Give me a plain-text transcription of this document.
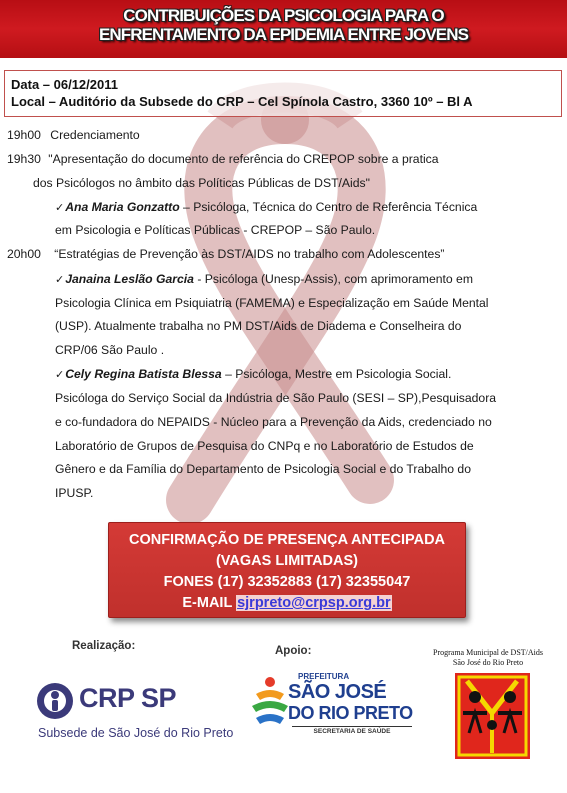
CONTRIBUIÇÕES DA PSICOLOGIA PARA O
ENFRENTAMENTO DA EPIDEMIA ENTRE JOVENS
Data – 06/12/2011
Local – Auditório da Subsede do CRP – Cel Spínola Castro, 3360 10º – Bl A
19h00 Credenciamento
19h30 "Apresentação do documento de referência do CREPOP sobre a pratica
dos Psicólogos no âmbito das Políticas Públicas de DST/Aids"
✓Ana Maria Gonzatto – Psicóloga, Técnica do Centro de Referência Técnica
em Psicologia e Políticas Públicas - CREPOP – São Paulo.
20h00 “Estratégias de Prevenção às DST/AIDS no trabalho com Adolescentes”
✓Janaina Leslão Garcia - Psicóloga (Unesp-Assis), com aprimoramento em
Psicologia Clínica em Psiquiatria (FAMEMA) e Especialização em Saúde Mental
(USP). Atualmente trabalha no PM DST/Aids de Diadema e Conselheira do
CRP/06 São Paulo .
✓Cely Regina Batista Blessa – Psicóloga, Mestre em Psicologia Social.
Psicóloga do Serviço Social da Indústria de São Paulo (SESI – SP),Pesquisadora
e co-fundadora do NEPAIDS - Núcleo para a Prevenção da Aids, credenciado no
Laboratório de Grupos de Pesquisa do CNPq e no Laboratório de Estudos de
Gênero e da Família do Departamento de Psicologia Social e do Trabalho do
IPUSP.
CONFIRMAÇÃO DE PRESENÇA ANTECIPADA
(VAGAS LIMITADAS)
FONES (17) 32352883 (17) 32355047
E-MAIL sjrpreto@crpsp.org.br
Realização:	Apoio:
CRP SP
Subsede de São José do Rio Preto
PREFEITURA
SÃO JOSÉ
DO RIO PRETO
SECRETARIA DE SAÚDE
Programa Municipal de DST/Aids
São José do Rio Preto
